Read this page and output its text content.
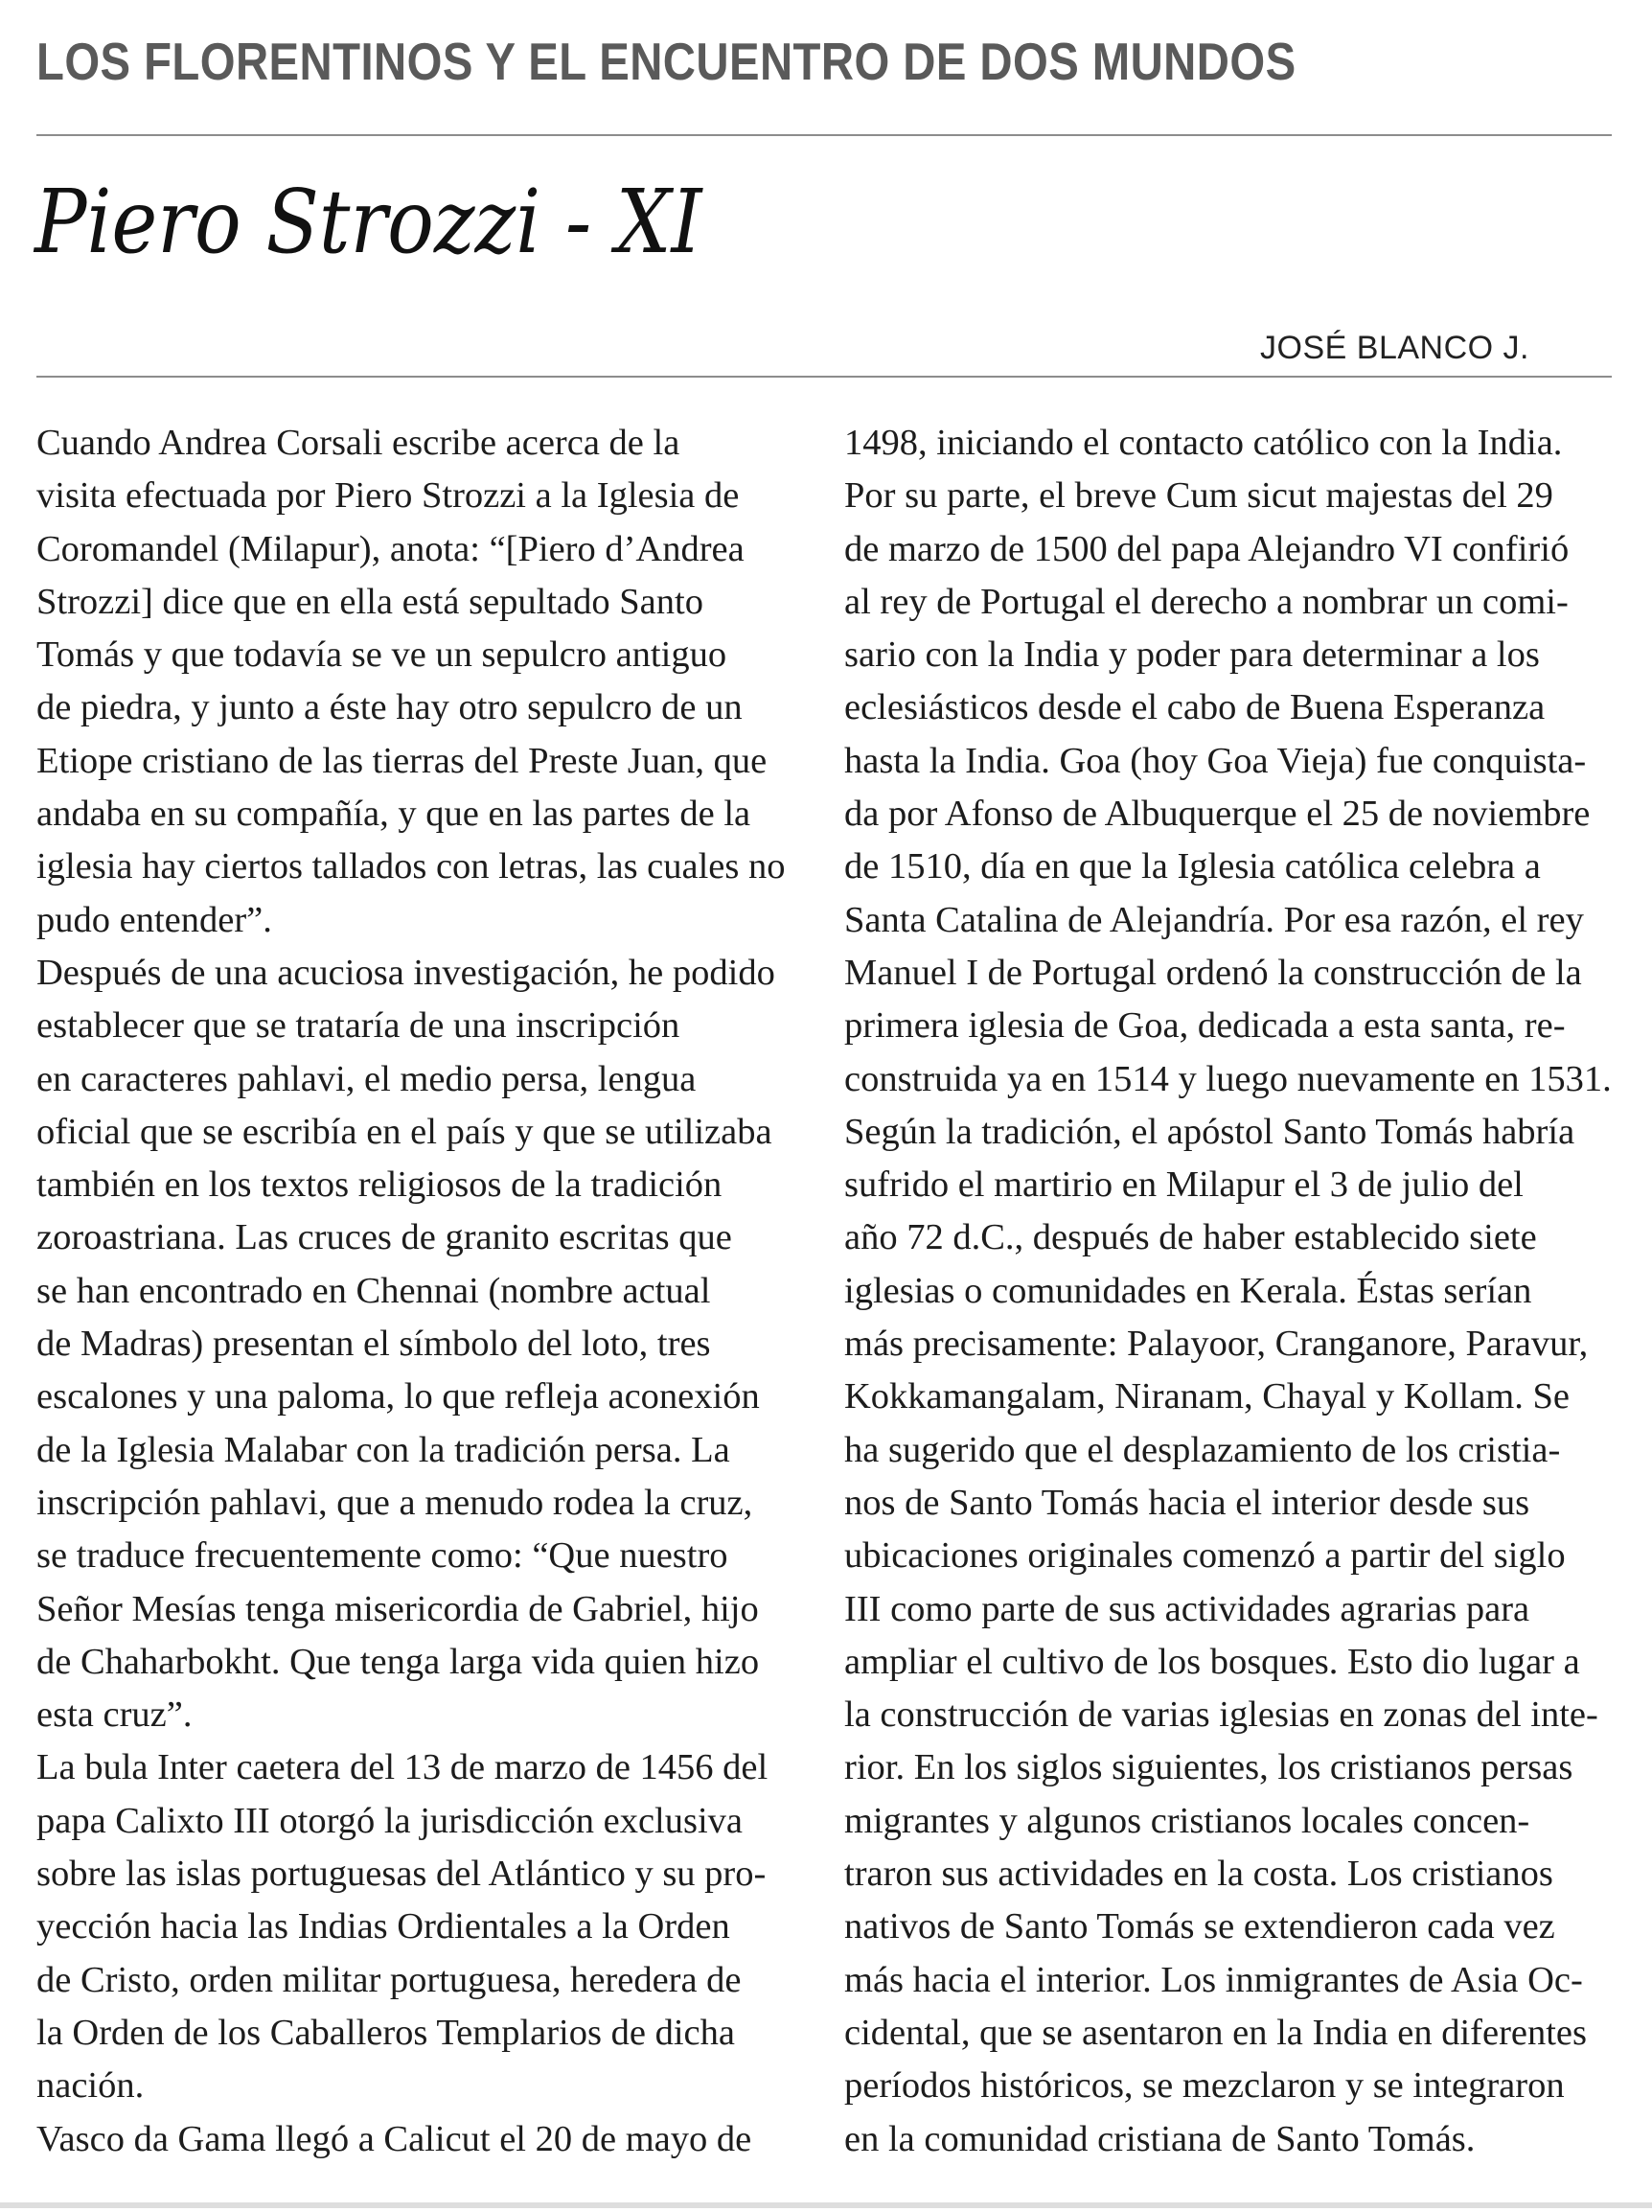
LOS FLORENTINOS Y EL ENCUENTRO DE DOS MUNDOS
Piero Strozzi - XI
JOSÉ BLANCO J.
Cuando Andrea Corsali escribe acerca de la
visita efectuada por Piero Strozzi a la Iglesia de
Coromandel (Milapur), anota: “[Piero d’Andrea
Strozzi] dice que en ella está sepultado Santo
Tomás y que todavía se ve un sepulcro antiguo
de piedra, y junto a éste hay otro sepulcro de un
Etiope cristiano de las tierras del Preste Juan, que
andaba en su compañía, y que en las partes de la
iglesia hay ciertos tallados con letras, las cuales no
pudo entender”.
Después de una acuciosa investigación, he podido
establecer que se trataría de una inscripción
en caracteres pahlavi, el medio persa, lengua
oficial que se escribía en el país y que se utilizaba
también en los textos religiosos de la tradición
zoroastriana. Las cruces de granito escritas que
se han encontrado en Chennai (nombre actual
de Madras) presentan el símbolo del loto, tres
escalones y una paloma, lo que refleja aconexión
de la Iglesia Malabar con la tradición persa. La
inscripción pahlavi, que a menudo rodea la cruz,
se traduce frecuentemente como: “Que nuestro
Señor Mesías tenga misericordia de Gabriel, hijo
de Chaharbokht. Que tenga larga vida quien hizo
esta cruz”.
La bula Inter caetera del 13 de marzo de 1456 del
papa Calixto III otorgó la jurisdicción exclusiva
sobre las islas portuguesas del Atlántico y su pro-
yección hacia las Indias Ordientales a la Orden
de Cristo, orden militar portuguesa, heredera de
la Orden de los Caballeros Templarios de dicha
nación.
Vasco da Gama llegó a Calicut el 20 de mayo de
1498, iniciando el contacto católico con la India.
Por su parte, el breve Cum sicut majestas del 29
de marzo de 1500 del papa Alejandro VI confirió
al rey de Portugal el derecho a nombrar un comi-
sario con la India y poder para determinar a los
eclesiásticos desde el cabo de Buena Esperanza
hasta la India. Goa (hoy Goa Vieja) fue conquista-
da por Afonso de Albuquerque el 25 de noviembre
de 1510, día en que la Iglesia católica celebra a
Santa Catalina de Alejandría. Por esa razón, el rey
Manuel I de Portugal ordenó la construcción de la
primera iglesia de Goa, dedicada a esta santa, re-
construida ya en 1514 y luego nuevamente en 1531.
Según la tradición, el apóstol Santo Tomás habría
sufrido el martirio en Milapur el 3 de julio del
año 72 d.C., después de haber establecido siete
iglesias o comunidades en Kerala. Éstas serían
más precisamente: Palayoor, Cranganore, Paravur,
Kokkamangalam, Niranam, Chayal y Kollam. Se
ha sugerido que el desplazamiento de los cristia-
nos de Santo Tomás hacia el interior desde sus
ubicaciones originales comenzó a partir del siglo
III como parte de sus actividades agrarias para
ampliar el cultivo de los bosques. Esto dio lugar a
la construcción de varias iglesias en zonas del inte-
rior. En los siglos siguientes, los cristianos persas
migrantes y algunos cristianos locales concen-
traron sus actividades en la costa. Los cristianos
nativos de Santo Tomás se extendieron cada vez
más hacia el interior. Los inmigrantes de Asia Oc-
cidental, que se asentaron en la India en diferentes
períodos históricos, se mezclaron y se integraron
en la comunidad cristiana de Santo Tomás.
